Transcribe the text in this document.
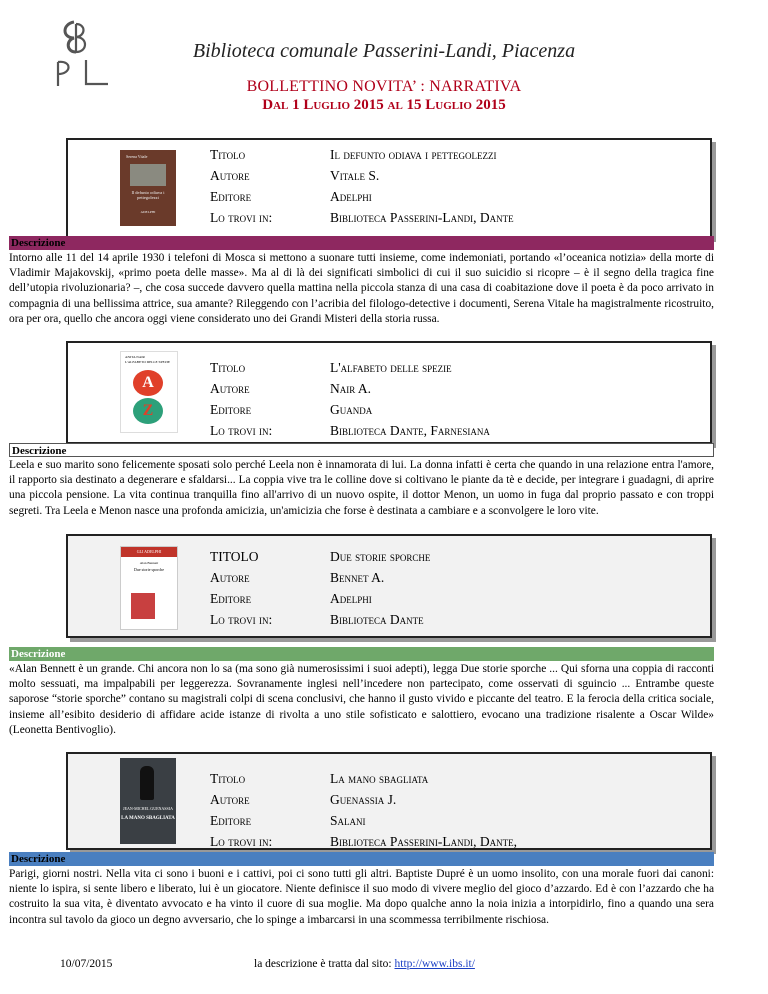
Biblioteca comunale Passerini-Landi, Piacenza
BOLLETTINO NOVITA’ : NARRATIVA
Dal 1 Luglio 2015 al 15 Luglio 2015
Serena Vitale
Il defunto odiava i pettegolezzi
ADELPHI
Titolo
Autore
Editore
Lo trovi in:
Il defunto odiava i pettegolezzi
Vitale S.
Adelphi
Biblioteca Passerini-Landi, Dante
Descrizione
Intorno alle 11 del 14 aprile 1930 i telefoni di Mosca si mettono a suonare tutti insieme, come indemoniati, portando «l’oceanica notizia» della morte di Vladimir Majakovskij, «primo poeta delle masse». Ma al di là dei significati simbolici di cui il suo suicidio si ricopre – è il segno della tragica fine dell’utopia rivoluzionaria? –, che cosa succede davvero quella mattina nella piccola stanza di una casa di coabitazione dove il poeta è da poco arrivato in compagnia di una bellissima attrice, sua amante? Rileggendo con l’acribia del filologo-detective i documenti, Serena Vitale ha magistralmente ricostruito, ora per ora, quello che ancora oggi viene considerato uno dei Grandi Misteri della storia russa.
ANITA NAIR
L'ALFABETO DELLE SPEZIE
A
Z
Titolo
Autore
Editore
Lo trovi in:
L'alfabeto delle spezie
Nair A.
Guanda
Biblioteca Dante, Farnesiana
Descrizione
Leela e suo marito sono felicemente sposati solo perché Leela non è innamorata di lui. La donna infatti è certa che quando in una relazione entra l'amore, il rapporto sia destinato a degenerare e sfaldarsi... La coppia vive tra le colline dove si coltivano le piante da tè e decide, per integrare i guadagni, di aprire una piccola pensione. La vita continua tranquilla fino all'arrivo di un nuovo ospite, il dottor Menon, un uomo in fuga dal proprio passato e con troppi segreti. Tra Leela e Menon nasce una profonda amicizia, un'amicizia che forse è destinata a cambiare e a sconvolgere le loro vite.
GLI ADELPHI
Alan Bennett
Due storie sporche
TITOLO
Autore
Editore
Lo trovi in:
Due storie sporche
Bennet A.
Adelphi
Biblioteca Dante
Descrizione
«Alan Bennett è un grande. Chi ancora non lo sa (ma sono già numerosissimi i suoi adepti), legga Due storie sporche ... Qui sforna una coppia di racconti molto sessuati, ma impalpabili per leggerezza. Sovranamente inglesi nell’incedere non partecipato, come osservati di sguincio ... Entrambe queste saporose “storie sporche” contano su magistrali colpi di scena conclusivi, che hanno il gusto vivido e piccante del teatro. E la ferocia della critica sociale, insieme all’esibito desiderio di affidare acide istanze di rivolta a uno stile sofisticato e salottiero, evocano una tradizione risalente a Oscar Wilde» (Leonetta Bentivoglio).
JEAN-MICHEL GUENASSIA
LA MANO SBAGLIATA
Titolo
Autore
Editore
Lo trovi in:
La mano sbagliata
Guenassia J.
Salani
Biblioteca Passerini-Landi, Dante,
Descrizione
Parigi, giorni nostri. Nella vita ci sono i buoni e i cattivi, poi ci sono tutti gli altri. Baptiste Dupré è un uomo insolito, con una morale fuori dai canoni: niente lo ispira, si sente libero e liberato, lui è un giocatore. Niente definisce il suo modo di vivere meglio del gioco d’azzardo. Ed è con l’azzardo che ha costruito la sua vita, è diventato avvocato e ha vinto il cuore di sua moglie. Ma dopo qualche anno la noia inizia a intorpidirlo, fino a quando una sera incontra sul tavolo da gioco un degno avversario, che lo spinge a imbarcarsi in una scommessa terribilmente rischiosa.
10/07/2015	la descrizione è tratta dal sito: http://www.ibs.it/
